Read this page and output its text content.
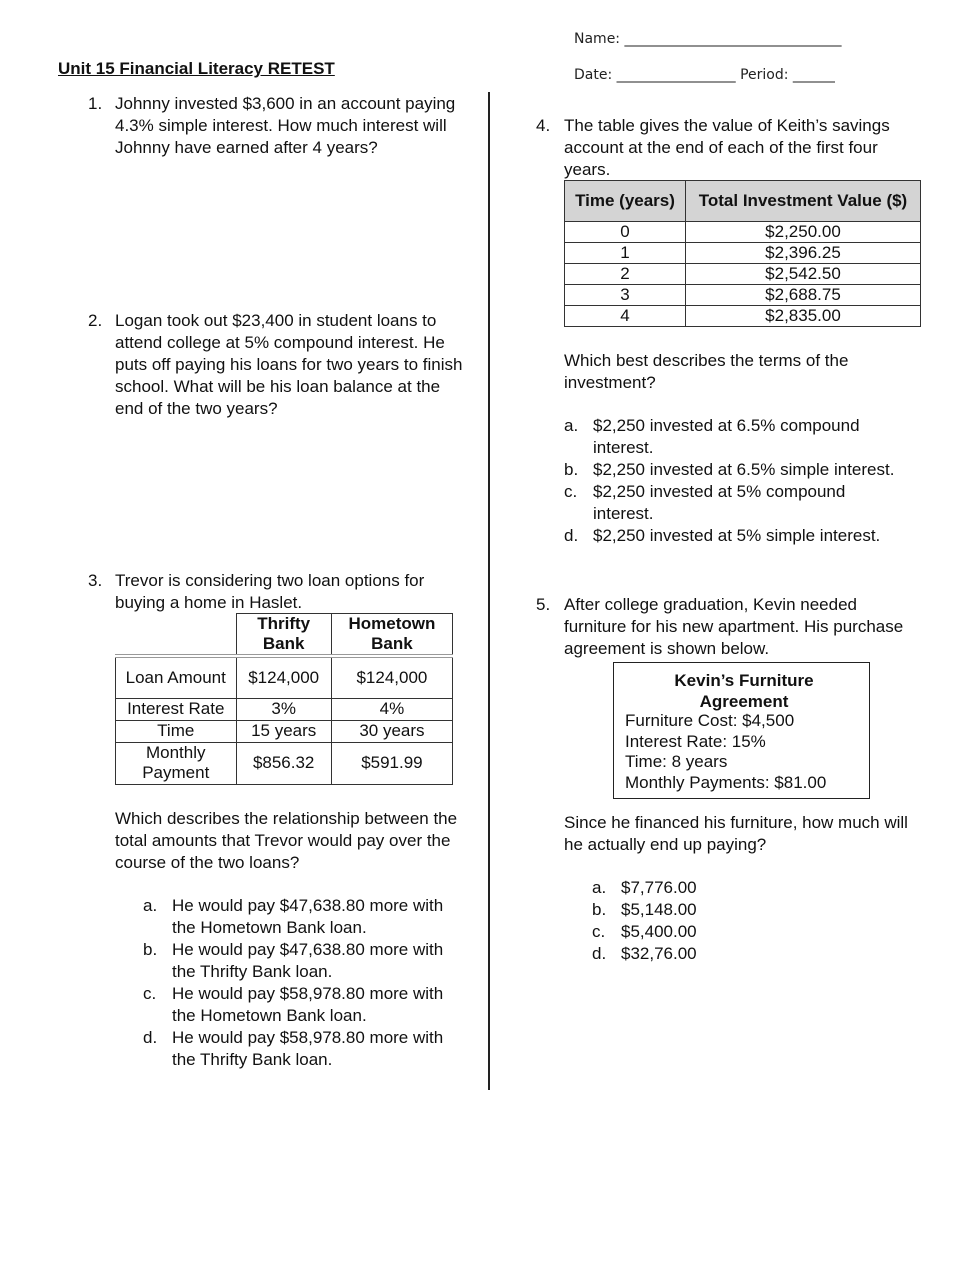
Name: _______________________________
Date: _________________ Period: ______
Unit 15 Financial Literacy RETEST
1. Johnny invested $3,600 in an account paying 4.3% simple interest. How much interest will Johnny have earned after 4 years?
2. Logan took out $23,400 in student loans to attend college at 5% compound interest. He puts off paying his loans for two years to finish school. What will be his loan balance at the end of the two years?
3. Trevor is considering two loan options for buying a home in Haslet.
	Thrifty Bank	Hometown Bank
Loan Amount	$124,000	$124,000
Interest Rate	3%	4%
Time	15 years	30 years
Monthly Payment	$856.32	$591.99
Which describes the relationship between the total amounts that Trevor would pay over the course of the two loans?
a. He would pay $47,638.80 more with the Hometown Bank loan.
b. He would pay $47,638.80 more with the Thrifty Bank loan.
c. He would pay $58,978.80 more with the Hometown Bank loan.
d. He would pay $58,978.80 more with the Thrifty Bank loan.
4. The table gives the value of Keith’s savings account at the end of each of the first four years.
Time (years)	Total Investment Value ($)
0	$2,250.00
1	$2,396.25
2	$2,542.50
3	$2,688.75
4	$2,835.00
Which best describes the terms of the investment?
a. $2,250 invested at 6.5% compound interest.
b. $2,250 invested at 6.5% simple interest.
c. $2,250 invested at 5% compound interest.
d. $2,250 invested at 5% simple interest.
5. After college graduation, Kevin needed furniture for his new apartment. His purchase agreement is shown below.
Kevin’s Furniture Agreement
Furniture Cost: $4,500
Interest Rate: 15%
Time: 8 years
Monthly Payments: $81.00
Since he financed his furniture, how much will he actually end up paying?
a. $7,776.00
b. $5,148.00
c. $5,400.00
d. $32,76.00
